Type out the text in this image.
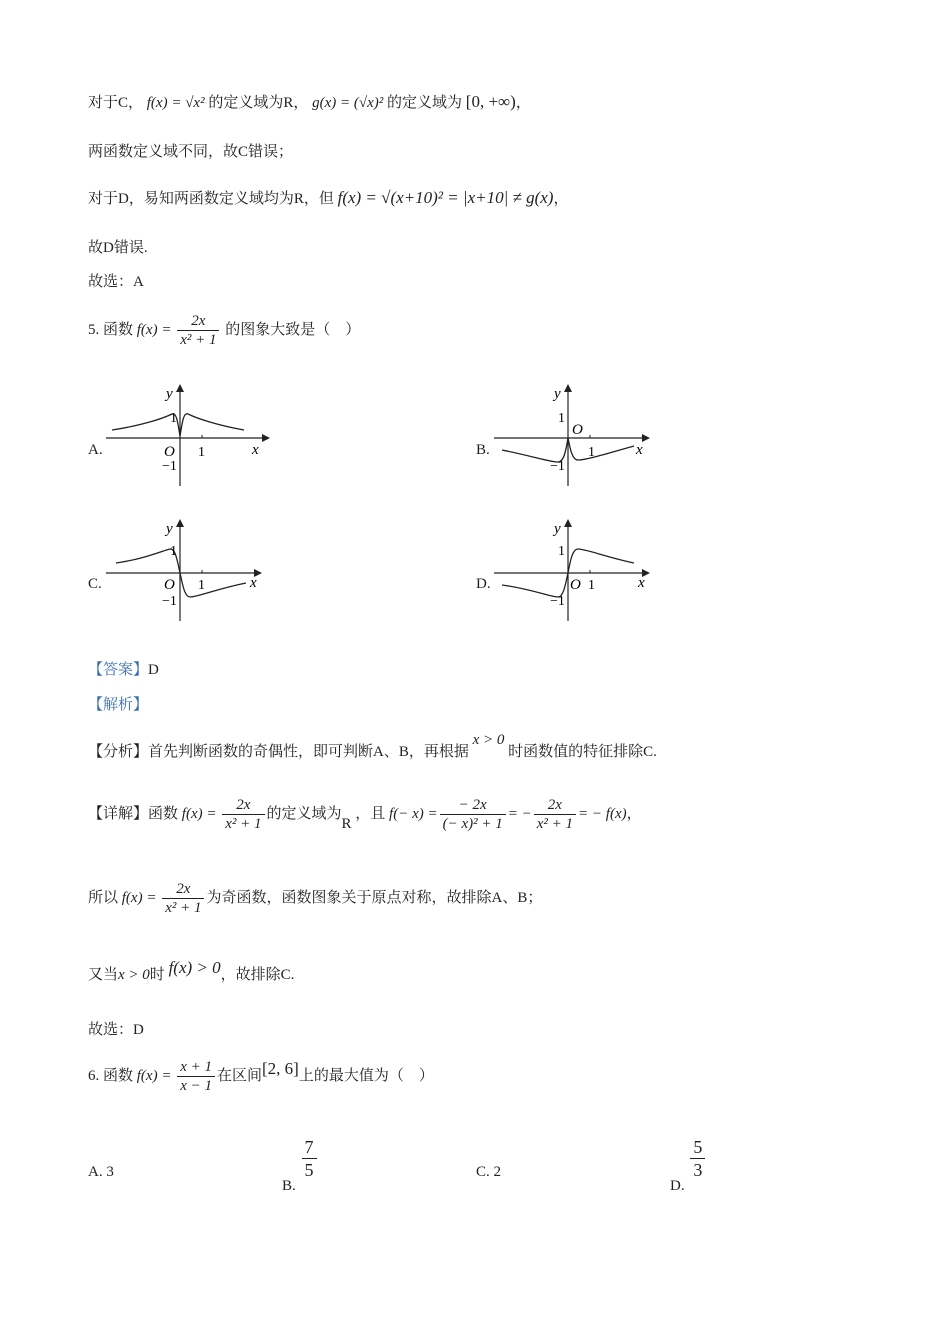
对于C， f(x) = √x² 的定义域为R， g(x) = (√x)² 的定义域为 [0, +∞)，
两函数定义域不同，故C错误；
对于D，易知两函数定义域均为R，但 f(x) = √(x+10)² = |x+10| ≠ g(x)，
故D错误.
故选：A
5. 函数 $f(x) = \frac{2x}{\text{x² + 1}}$ 的图象大致是（　）
A.	B.
C.	D.
y
x
O 1
1
−1
y
x
O
1
1
−1
y
x
O 1
1
−1
y
x
O 1
1
−1
【答案】D
【解析】
【分析】首先判断函数的奇偶性，即可判断A、B，再根据 x > 0 时函数值的特征排除C.
【详解】函数 $f(x) = \frac{2x}{\text{x² + 1}}$ 的定义域为R ，且 $f(- x) = \frac{- 2x}{\text{(− x)² + 1}}$ = − $\frac{2x}{\text{x² + 1}}$ = − f(x)，
所以 $f(x) = \frac{2x}{\text{x² + 1}}$ 为奇函数，函数图象关于原点对称，故排除A、B；
又当x > 0时 f(x) > 0，故排除C.
故选：D
6. 函数 $f(x) = \frac{x + 1}{x - 1}$ 在区间[2, 6]上的最大值为（　）
A. 3
B.
$\frac{7}{5}$	C. 2
D.
$\frac{5}{3}$
